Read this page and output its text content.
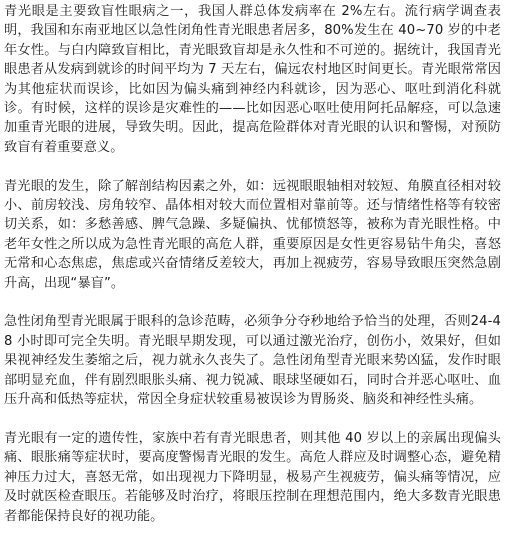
青光眼是主要致盲性眼病之一，我国人群总体发病率在 2%左右。流行病学调查表明，我国和东南亚地区以急性闭角性青光眼患者居多，80%发生在 40~70 岁的中老年女性。与白内障致盲相比，青光眼致盲却是永久性和不可逆的。据统计，我国青光眼患者从发病到就诊的时间平均为 7 天左右，偏远农村地区时间更长。青光眼常常因为其他症状而误诊，比如因为偏头痛到神经内科就诊，因为恶心、呕吐到消化科就诊。有时候，这样的误诊是灾难性的——比如因恶心呕吐使用阿托品解痉，可以急速加重青光眼的进展，导致失明。因此，提高危险群体对青光眼的认识和警惕，对预防致盲有着重要意义。

青光眼的发生，除了解剖结构因素之外，如：远视眼眼轴相对较短、角膜直径相对较小、前房较浅、房角较窄、晶体相对较大而位置相对靠前等。还与情绪性格等有较密切关系，如：多愁善感、脾气急躁、多疑偏执、忧郁愤怒等，被称为青光眼性格。中老年女性之所以成为急性青光眼的高危人群，重要原因是女性更容易钻牛角尖，喜怒无常和心态焦虑，焦虑或兴奋情绪反差较大，再加上视疲劳，容易导致眼压突然急剧升高，出现“暴盲”。

急性闭角型青光眼属于眼科的急诊范畴，必须争分夺秒地给予恰当的处理，否则24-48 小时即可完全失明。青光眼早期发现，可以通过激光治疗，创伤小，效果好，但如果视神经发生萎缩之后，视力就永久丧失了。急性闭角型青光眼来势凶猛，发作时眼部明显充血，伴有剧烈眼胀头痛、视力锐减、眼球坚硬如石，同时合并恶心呕吐、血压升高和低热等症状，常因全身症状较重易被误诊为胃肠炎、脑炎和神经性头痛。

青光眼有一定的遗传性，家族中若有青光眼患者，则其他 40 岁以上的亲属出现偏头痛、眼胀痛等症状时，要高度警惕青光眼的发生。高危人群应及时调整心态，避免精神压力过大，喜怒无常，如出现视力下降明显，极易产生视疲劳，偏头痛等情况，应及时就医检查眼压。若能够及时治疗，将眼压控制在理想范围内，绝大多数青光眼患者都能保持良好的视功能。
